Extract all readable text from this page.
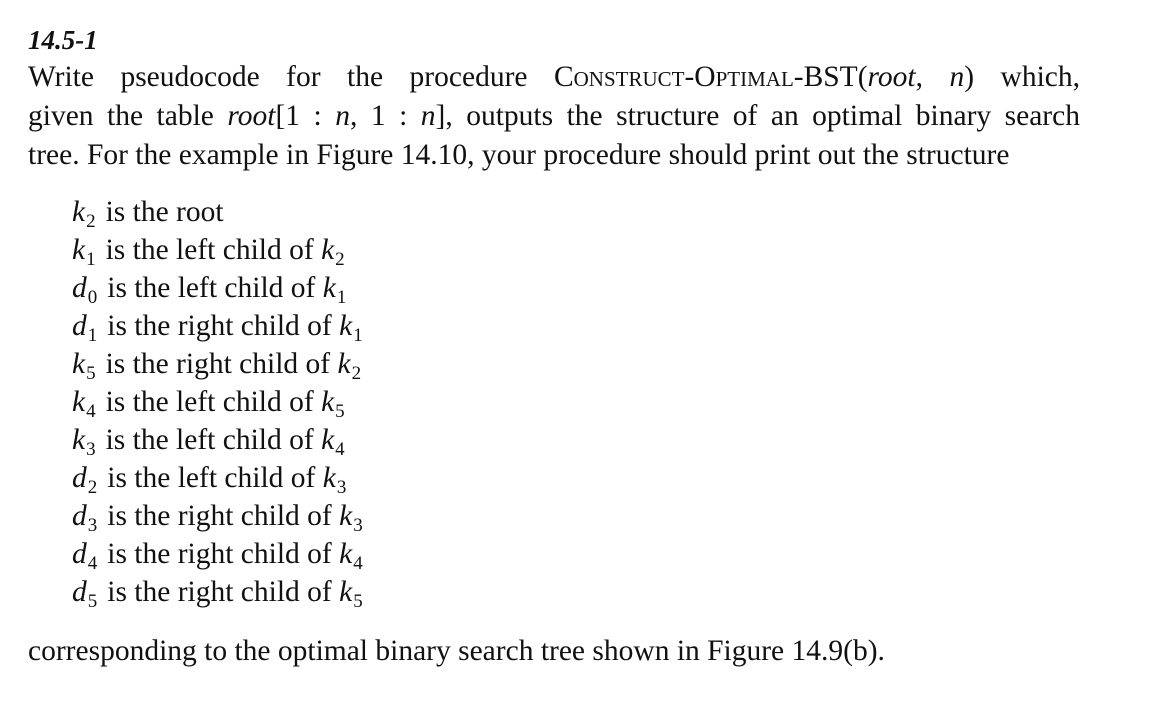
14.5-1
Write pseudocode for the procedure Construct-Optimal-BST(root, n) which,
given the table root[1 : n, 1 : n], outputs the structure of an optimal binary search
tree. For the example in Figure 14.10, your procedure should print out the structure
$k_2$ is the root
$k_1$ is the left child of $k_2$
$d_0$ is the left child of $k_1$
$d_1$ is the right child of $k_1$
$k_5$ is the right child of $k_2$
$k_4$ is the left child of $k_5$
$k_3$ is the left child of $k_4$
$d_2$ is the left child of $k_3$
$d_3$ is the right child of $k_3$
$d_4$ is the right child of $k_4$
$d_5$ is the right child of $k_5$
corresponding to the optimal binary search tree shown in Figure 14.9(b).
